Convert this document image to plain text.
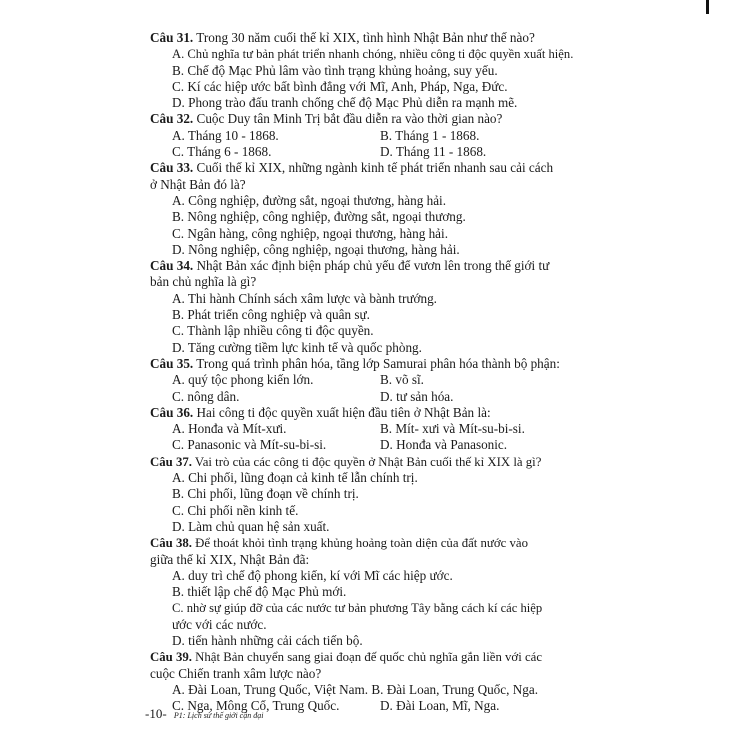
Câu 31. Trong 30 năm cuối thế kỉ XIX, tình hình Nhật Bản như thế nào?
A. Chủ nghĩa tư bản phát triển nhanh chóng, nhiều công ti độc quyền xuất hiện.
B. Chế độ Mạc Phủ lâm vào tình trạng khủng hoảng, suy yếu.
C. Kí các hiệp ước bất bình đẳng với Mĩ, Anh, Pháp, Nga, Đức.
D. Phong trào đấu tranh chống chế độ Mạc Phủ diễn ra mạnh mẽ.
Câu 32. Cuộc Duy tân Minh Trị bắt đầu diễn ra vào thời gian nào?
A. Tháng 10 - 1868.	B. Tháng 1 - 1868.
C. Tháng 6 - 1868.	D. Tháng 11 - 1868.
Câu 33. Cuối thế kỉ XIX, những ngành kinh tế phát triển nhanh sau cải cách
ở Nhật Bản đó là?
A. Công nghiệp, đường sắt, ngoại thương, hàng hải.
B. Nông nghiệp, công nghiệp, đường sắt, ngoại thương.
C. Ngân hàng, công nghiệp, ngoại thương, hàng hải.
D. Nông nghiệp, công nghiệp, ngoại thương, hàng hải.
Câu 34. Nhật Bản xác định biện pháp chủ yếu để vươn lên trong thế giới tư
bản chủ nghĩa là gì?
A. Thi hành Chính sách xâm lược và bành trướng.
B. Phát triển công nghiệp và quân sự.
C. Thành lập nhiều công ti độc quyền.
D. Tăng cường tiềm lực kinh tế và quốc phòng.
Câu 35. Trong quá trình phân hóa, tầng lớp Samurai phân hóa thành bộ phận:
A. quý tộc phong kiến lớn.	B. võ sĩ.
C. nông dân.	D. tư sản hóa.
Câu 36. Hai công ti độc quyền xuất hiện đầu tiên ở Nhật Bản là:
A. Honđa và Mít-xưi.	B. Mít- xưi và Mít-su-bi-si.
C. Panasonic và Mít-su-bi-si.	D. Honđa và Panasonic.
Câu 37. Vai trò của các công ti độc quyền ở Nhật Bản cuối thế kỉ XIX là gì?
A. Chi phối, lũng đoạn cả kinh tế lẫn chính trị.
B. Chi phối, lũng đoạn về chính trị.
C. Chi phối nền kinh tế.
D. Làm chủ quan hệ sản xuất.
Câu 38. Để thoát khỏi tình trạng khủng hoảng toàn diện của đất nước vào
giữa thế kỉ XIX, Nhật Bản đã:
A. duy trì chế độ phong kiến, kí với Mĩ các hiệp ước.
B. thiết lập chế độ Mạc Phủ mới.
C. nhờ sự giúp đỡ của các nước tư bản phương Tây bằng cách kí các hiệp
ước với các nước.
D. tiến hành những cải cách tiến bộ.
Câu 39. Nhật Bản chuyển sang giai đoạn đế quốc chủ nghĩa gắn liền với các
cuộc Chiến tranh xâm lược nào?
A. Đài Loan, Trung Quốc, Việt Nam. B. Đài Loan, Trung Quốc, Nga.
C. Nga, Mông Cổ, Trung Quốc.	D. Đài Loan, Mĩ, Nga.
-10- P1: Lịch sử thế giới cận đại
